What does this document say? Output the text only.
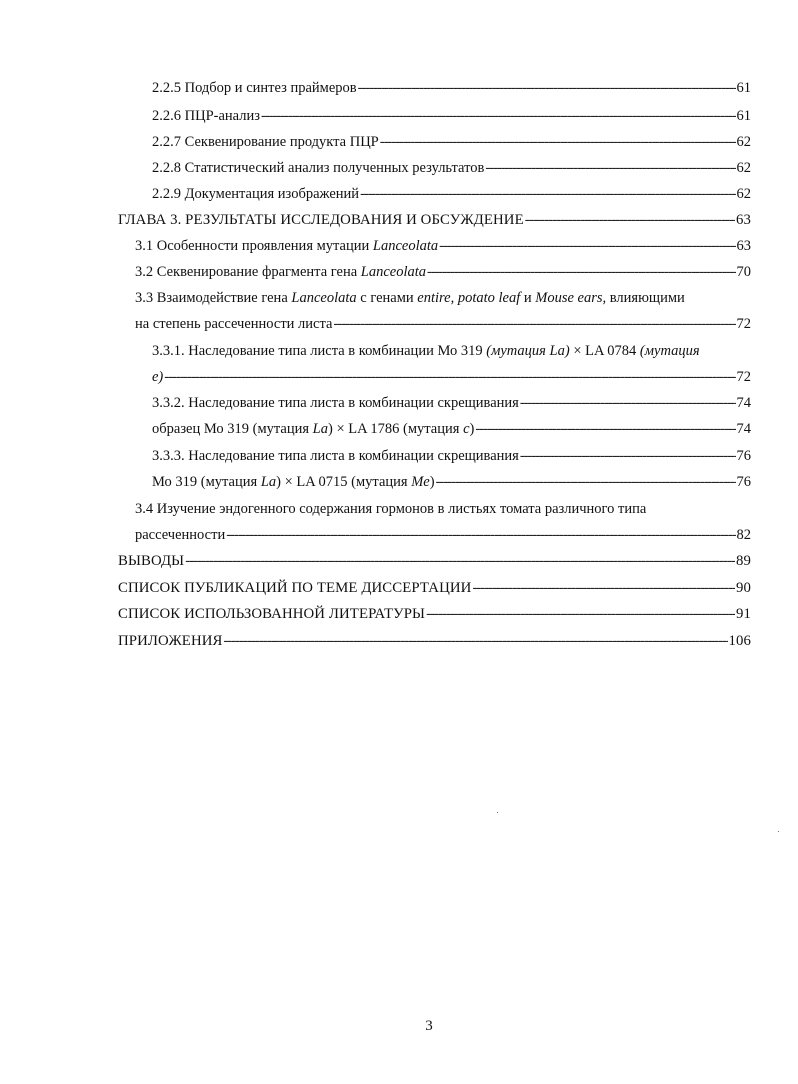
2.2.5 Подбор и синтез праймеров -----	61
2.2.6 ПЦР-анализ -----	61
2.2.7 Секвенирование продукта ПЦР -----	62
2.2.8 Статистический анализ полученных результатов -----	62
2.2.9 Документация изображений -----	62
ГЛАВА 3. РЕЗУЛЬТАТЫ ИССЛЕДОВАНИЯ И ОБСУЖДЕНИЕ -----	63
3.1 Особенности проявления мутации Lanceolata -----	63
3.2 Секвенирование фрагмента гена Lanceolata -----	70
3.3 Взаимодействие гена Lanceolata с генами entire, potato leaf и Mouse ears, влияющими
на степень рассеченности листа -----	72
3.3.1. Наследование типа листа в комбинации Мо 319 (мутация La) × LA 0784 (мутация
e) -----	72
3.3.2. Наследование типа листа в комбинации скрещивания -----	74
образец Мо 319 (мутация La) × LA 1786 (мутация c) -----	74
3.3.3. Наследование типа листа в комбинации скрещивания -----	76
Мо 319 (мутация La) × LA 0715 (мутация Me) -----	76
3.4 Изучение эндогенного содержания гормонов в листьях томата различного типа
рассеченности -----	82
ВЫВОДЫ -----	89
СПИСОК ПУБЛИКАЦИЙ ПО ТЕМЕ ДИССЕРТАЦИИ -----	90
СПИСОК ИСПОЛЬЗОВАННОЙ ЛИТЕРАТУРЫ -----	91
ПРИЛОЖЕНИЯ -----	106
3
